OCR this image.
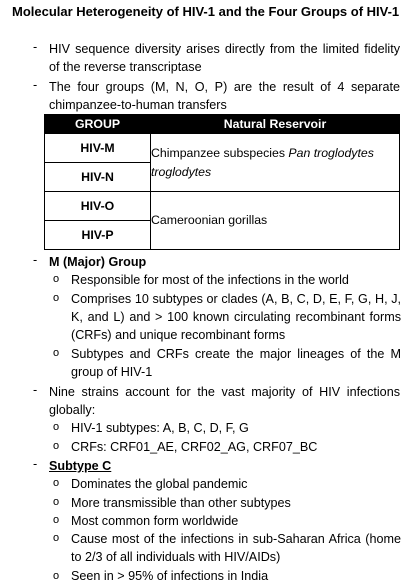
Molecular Heterogeneity of HIV-1 and the Four Groups of HIV-1
- HIV sequence diversity arises directly from the limited fidelity of the reverse transcriptase
- The four groups (M, N, O, P) are the result of 4 separate chimpanzee-to-human transfers
GROUP	Natural Reservoir
HIV-M	Chimpanzee subspecies Pan troglodytes troglodytes
HIV-N	
HIV-O	Cameroonian gorillas
HIV-P	
- M (Major) Group
o Responsible for most of the infections in the world
o Comprises 10 subtypes or clades (A, B, C, D, E, F, G, H, J, K, and L) and > 100 known circulating recombinant forms (CRFs) and unique recombinant forms
o Subtypes and CRFs create the major lineages of the M group of HIV-1
- Nine strains account for the vast majority of HIV infections globally:
o HIV-1 subtypes: A, B, C, D, F, G
o CRFs: CRF01_AE, CRF02_AG, CRF07_BC
- Subtype C
o Dominates the global pandemic
o More transmissible than other subtypes
o Most common form worldwide
o Cause most of the infections in sub-Saharan Africa (home to 2/3 of all individuals with HIV/AIDs)
o Seen in > 95% of infections in India
